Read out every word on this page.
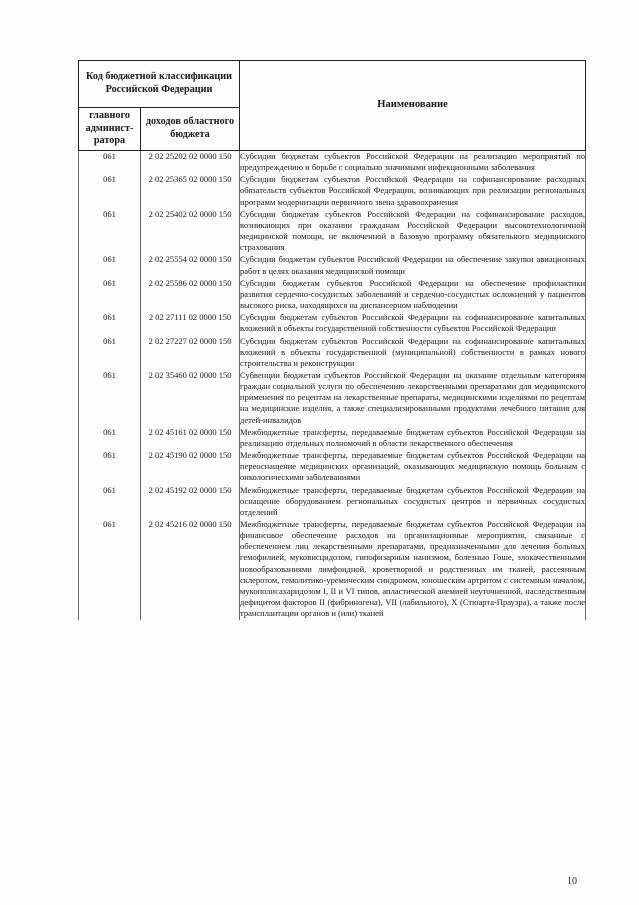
Код бюджетной классификации Российской Федерации		Наименование
главного админист-ратора	доходов областного бюджета	
061	2 02 25202 02 0000 150	Субсидии бюджетам субъектов Российской Федерации на реализацию мероприятий по предупреждению и борьбе с социально значимыми инфекционными заболевания
061	2 02 25365 02 0000 150	Субсидии бюджетам субъектов Российской Федерации на софинансирование расходных обязательств субъектов Российской Федерации, возникающих при реализации региональных программ модернизации первичного звена здравоохранения
061	2 02 25402 02 0000 150	Субсидии бюджетам субъектов Российской Федерации на софинансирование расходов, возникающих при оказании гражданам Российской Федерации высокотехнологичной медицинской помощи, не включенной в базовую программу обязательного медицинского страхования
061	2 02 25554 02 0000 150	Субсидии бюджетам субъектов Российской Федерации на обеспечение закупки авиационных работ в целях оказания медицинской помощи
061	2 02 25586 02 0000 150	Субсидии бюджетам субъектов Российской Федерации на обеспечение профилактики развития сердечно-сосудистых заболеваний и сердечно-сосудистых осложнений у пациентов высокого риска, находящихся на диспансерном наблюдении
061	2 02 27111 02 0000 150	Субсидии бюджетам субъектов Российской Федерации на софинансирование капитальных вложений в объекты государственной собственности субъектов Российской Федерации
061	2 02 27227 02 0000 150	Субсидии бюджетам субъектов Российской Федерации на софинансирование капитальных вложений в объекты государственной (муниципальной) собственности в рамках нового строительства и реконструкции
061	2 02 35460 02 0000 150	Субвенции бюджетам субъектов Российской Федерации на оказание отдельным категориям граждан социальной услуги по обеспечению лекарственными препаратами для медицинского применения по рецептам на лекарственные препараты, медицинскими изделиями по рецептам на медицинские изделия, а также специализированными продуктами лечебного питания для детей-инвалидов
061	2 02 45161 02 0000 150	Межбюджетные трансферты, передаваемые бюджетам субъектов Российской Федерации на реализацию отдельных полномочий в области лекарственного обеспечения
061	2 02 45190 02 0000 150	Межбюджетные трансферты, передаваемые бюджетам субъектов Российской Федерации на переоснащение медицинских организаций, оказывающих медицинскую помощь больным с онкологическими заболеваниями
061	2 02 45192 02 0000 150	Межбюджетные трансферты, передаваемые бюджетам субъектов Российской Федерации на оснащение оборудованием региональных сосудистых центров и первичных сосудистых отделений
061	2 02 45216 02 0000 150	Межбюджетные трансферты, передаваемые бюджетам субъектов Российской Федерации на финансовое обеспечение расходов на организационные мероприятия, связанные с обеспечением лиц лекарственными препаратами, предназначенными для лечения больных гемофилией, муковисцидозом, гипофизарным нанизмом, болезнью Гоше, злокачественными новообразованиями лимфоидной, кроветворной и родственных им тканей, рассеянным склерозом, гемолитико-уремическим синдромом, юношеским артритом с системным началом, мукополисахаридозом I, II и VI типов, апластической анемией неуточненной, наследственным дефицитом факторов II (фибриногена), VII (лабильного), X (Стюарта-Прауэра), а также после трансплантации органов и (или) тканей
10
